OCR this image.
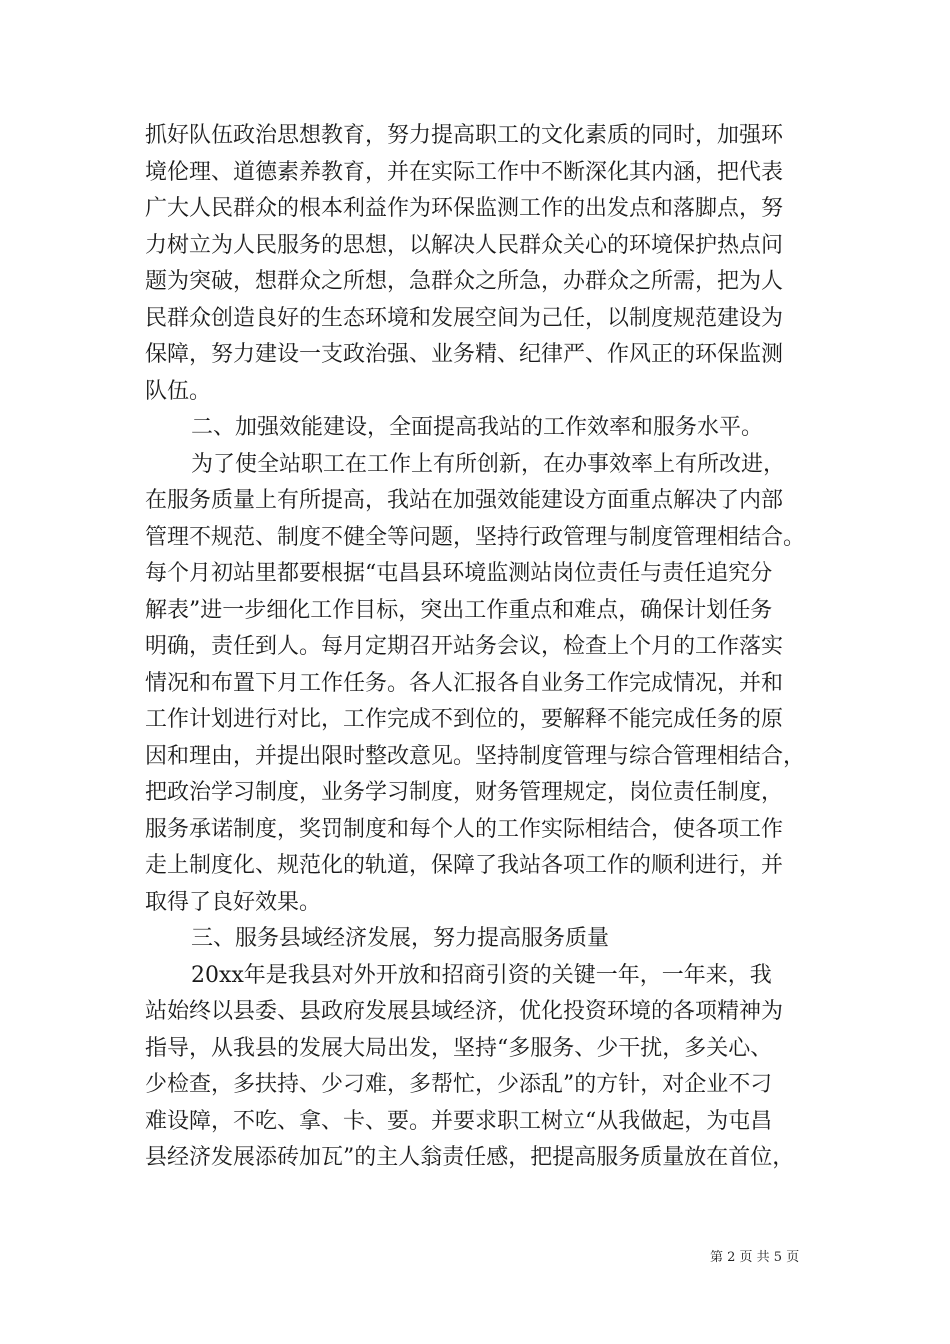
抓好队伍政治思想教育，努力提高职工的文化素质的同时，加强环
境伦理、道德素养教育，并在实际工作中不断深化其内涵，把代表
广大人民群众的根本利益作为环保监测工作的出发点和落脚点，努
力树立为人民服务的思想，以解决人民群众关心的环境保护热点问
题为突破，想群众之所想，急群众之所急，办群众之所需，把为人
民群众创造良好的生态环境和发展空间为己任，以制度规范建设为
保障，努力建设一支政治强、业务精、纪律严、作风正的环保监测
队伍。
二、加强效能建设，全面提高我站的工作效率和服务水平。
为了使全站职工在工作上有所创新，在办事效率上有所改进，
在服务质量上有所提高，我站在加强效能建设方面重点解决了内部
管理不规范、制度不健全等问题，坚持行政管理与制度管理相结合。
每个月初站里都要根据“屯昌县环境监测站岗位责任与责任追究分
解表”进一步细化工作目标，突出工作重点和难点，确保计划任务
明确，责任到人。每月定期召开站务会议，检查上个月的工作落实
情况和布置下月工作任务。各人汇报各自业务工作完成情况，并和
工作计划进行对比，工作完成不到位的，要解释不能完成任务的原
因和理由，并提出限时整改意见。坚持制度管理与综合管理相结合，
把政治学习制度，业务学习制度，财务管理规定，岗位责任制度，
服务承诺制度，奖罚制度和每个人的工作实际相结合，使各项工作
走上制度化、规范化的轨道，保障了我站各项工作的顺利进行，并
取得了良好效果。
三、服务县域经济发展，努力提高服务质量
20xx年是我县对外开放和招商引资的关键一年，一年来，我
站始终以县委、县政府发展县域经济，优化投资环境的各项精神为
指导，从我县的发展大局出发，坚持“多服务、少干扰，多关心、
少检查，多扶持、少刁难，多帮忙，少添乱”的方针，对企业不刁
难设障，不吃、拿、卡、要。并要求职工树立“从我做起，为屯昌
县经济发展添砖加瓦”的主人翁责任感，把提高服务质量放在首位，
第 2 页 共 5 页
